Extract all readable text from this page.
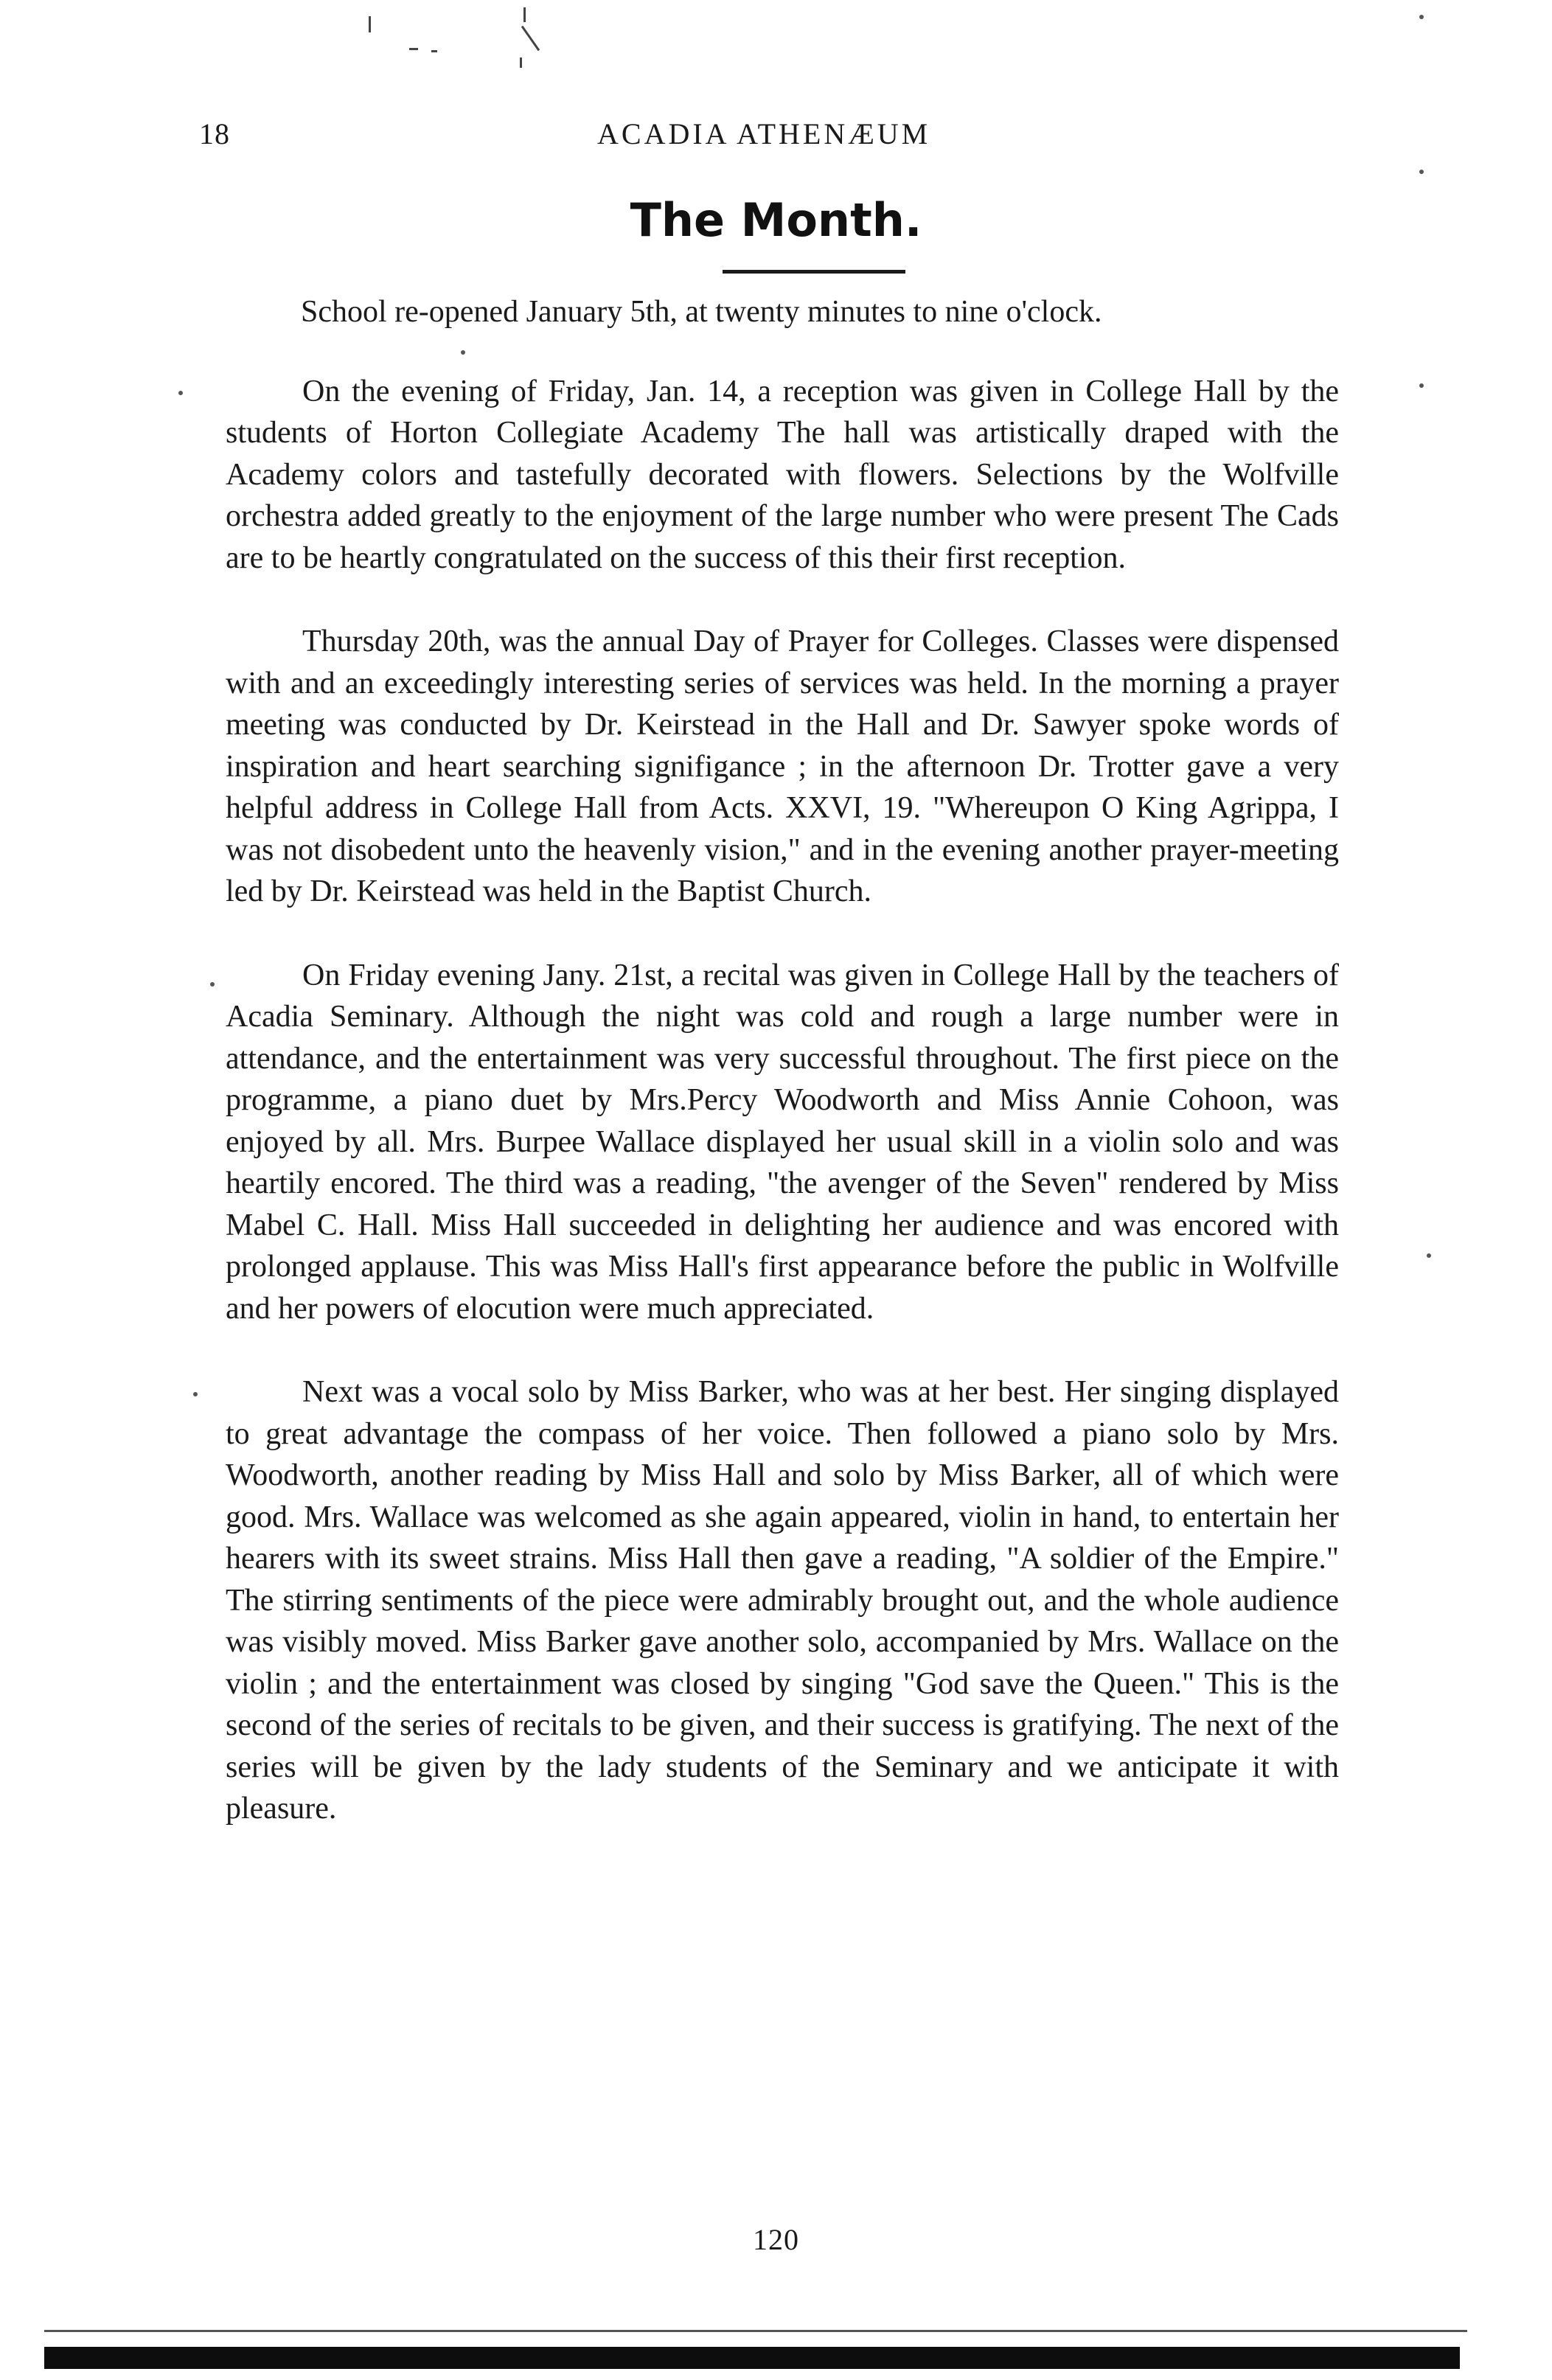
18	ACADIA ATHENÆUM
The Month.

School re-opened January 5th, at twenty minutes to nine o'clock.

On the evening of Friday, Jan. 14, a reception was given in College Hall by the students of Horton Collegiate Academy The hall was artistically draped with the Academy colors and tastefully decorated with flowers. Selections by the Wolfville orchestra added greatly to the enjoyment of the large number who were present The Cads are to be heartly congratulated on the success of this their first reception.

Thursday 20th, was the annual Day of Prayer for Colleges. Classes were dispensed with and an exceedingly interesting series of services was held. In the morning a prayer meeting was conducted by Dr. Keirstead in the Hall and Dr. Sawyer spoke words of inspiration and heart searching signifigance ; in the afternoon Dr. Trotter gave a very helpful address in College Hall from Acts. XXVI, 19. "Whereupon O King Agrippa, I was not disobedent unto the heavenly vision," and in the evening another prayer-meeting led by Dr. Keirstead was held in the Baptist Church.

On Friday evening Jany. 21st, a recital was given in College Hall by the teachers of Acadia Seminary. Although the night was cold and rough a large number were in attendance, and the entertainment was very successful throughout. The first piece on the programme, a piano duet by Mrs.Percy Woodworth and Miss Annie Cohoon, was enjoyed by all. Mrs. Burpee Wallace displayed her usual skill in a violin solo and was heartily encored. The third was a reading, "the avenger of the Seven" rendered by Miss Mabel C. Hall. Miss Hall succeeded in delighting her audience and was encored with prolonged applause. This was Miss Hall's first appearance before the public in Wolfville and her powers of elocution were much appreciated.

Next was a vocal solo by Miss Barker, who was at her best. Her singing displayed to great advantage the compass of her voice. Then followed a piano solo by Mrs. Woodworth, another reading by Miss Hall and solo by Miss Barker, all of which were good. Mrs. Wallace was welcomed as she again appeared, violin in hand, to entertain her hearers with its sweet strains. Miss Hall then gave a reading, "A soldier of the Empire." The stirring sentiments of the piece were admirably brought out, and the whole audience was visibly moved. Miss Barker gave another solo, accompanied by Mrs. Wallace on the violin ; and the entertainment was closed by singing "God save the Queen." This is the second of the series of recitals to be given, and their success is gratifying. The next of the series will be given by the lady students of the Seminary and we anticipate it with pleasure.

120
